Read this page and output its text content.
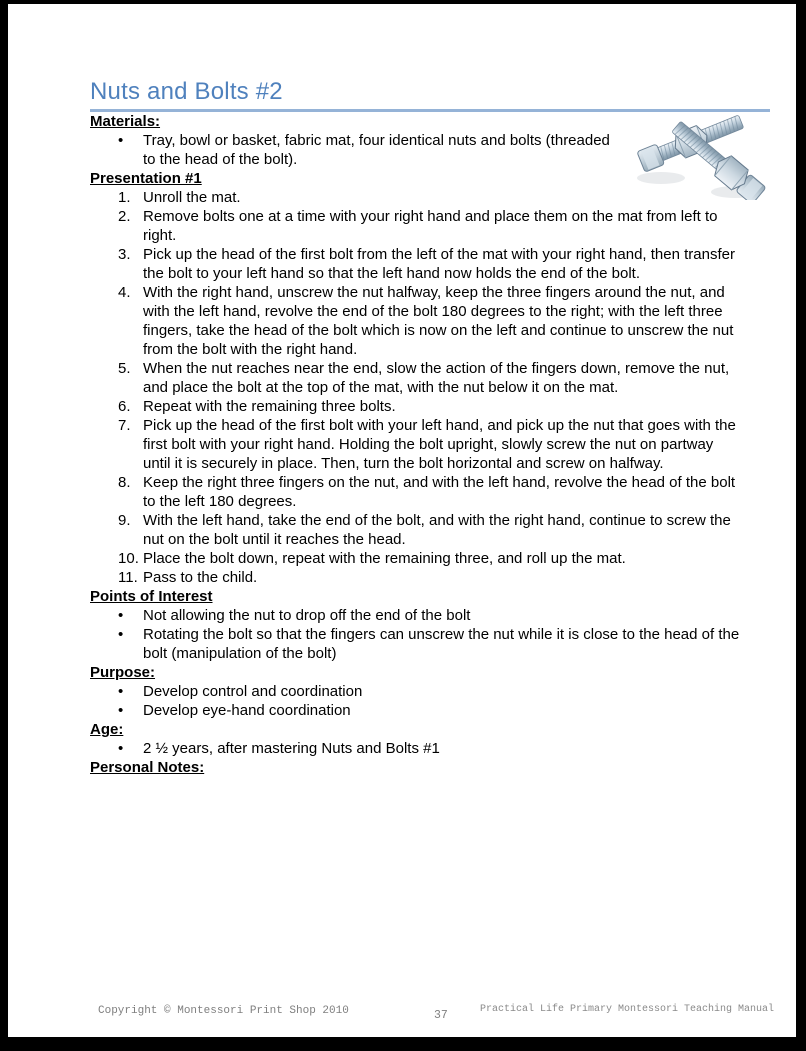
Nuts and Bolts #2
Materials:
• Tray, bowl or basket, fabric mat, four identical nuts and bolts (threaded to the head of the bolt).
Presentation #1
Unroll the mat.
Remove bolts one at a time with your right hand and place them on the mat from left to right.
Pick up the head of the first bolt from the left of the mat with your right hand, then transfer the bolt to your left hand so that the left hand now holds the end of the bolt.
With the right hand, unscrew the nut halfway, keep the three fingers around the nut, and with the left hand, revolve the end of the bolt 180 degrees to the right; with the left three fingers, take the head of the bolt which is now on the left and continue to unscrew the nut from the bolt with the right hand.
When the nut reaches near the end, slow the action of the fingers down, remove the nut, and place the bolt at the top of the mat, with the nut below it on the mat.
Repeat with the remaining three bolts.
Pick up the head of the first bolt with your left hand, and pick up the nut that goes with the first bolt with your right hand. Holding the bolt upright, slowly screw the nut on partway until it is securely in place. Then, turn the bolt horizontal and screw on halfway.
Keep the right three fingers on the nut, and with the left hand, revolve the head of the bolt to the left 180 degrees.
With the left hand, take the end of the bolt, and with the right hand, continue to screw the nut on the bolt until it reaches the head.
Place the bolt down, repeat with the remaining three, and roll up the mat.
Pass to the child.
Points of Interest
• Not allowing the nut to drop off the end of the bolt
• Rotating the bolt so that the fingers can unscrew the nut while it is close to the head of the bolt (manipulation of the bolt)
Purpose:
• Develop control and coordination
• Develop eye-hand coordination
Age:
• 2 ½ years, after mastering Nuts and Bolts #1
Personal Notes:
Copyright © Montessori Print Shop 2010	37	Practical Life Primary Montessori Teaching Manual
